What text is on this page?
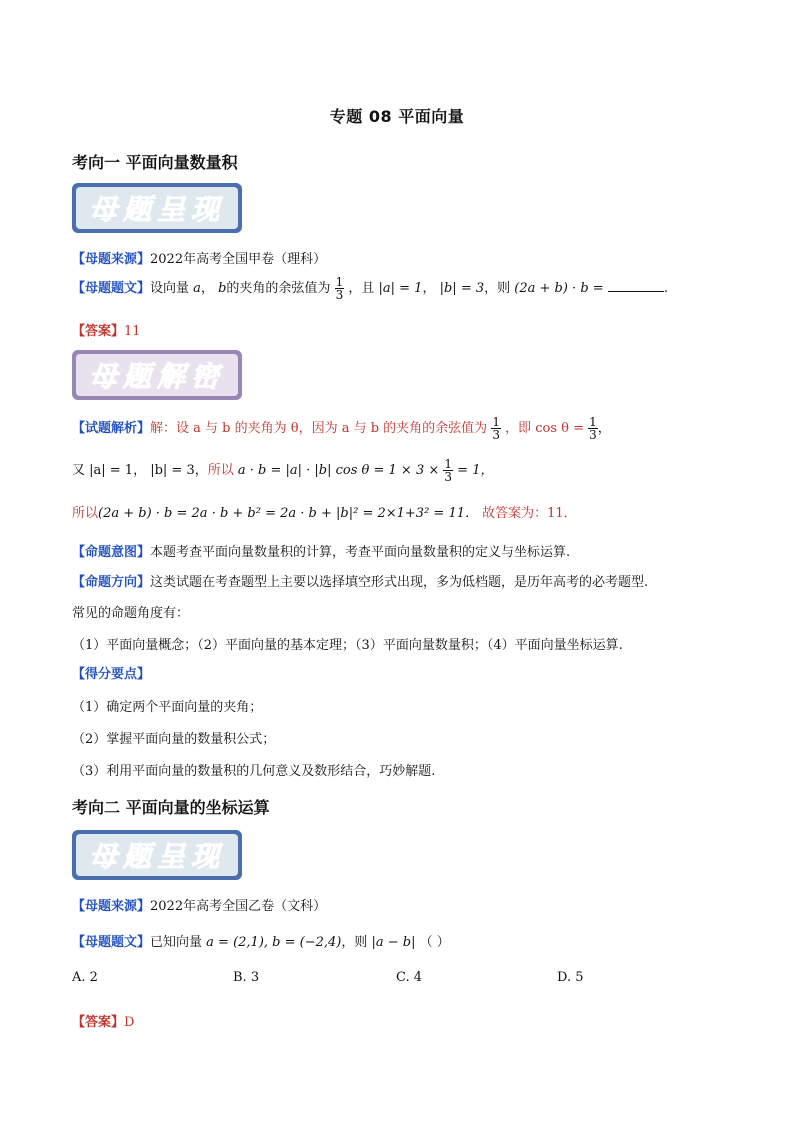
专题 08 平面向量
考向一 平面向量数量积
母题呈现
【母题来源】2022年高考全国甲卷（理科）
【母题题文】设向量 a， b的夹角的余弦值为 $\frac{1}{3}$ ，且 |a| = 1， |b| = 3，则 (2a + b) · b =	.
【答案】11
母题解密
【试题解析】解：设 a 与 b 的夹角为 θ，因为 a 与 b 的夹角的余弦值为 $\frac{1}{3}$ ，即 $\cos \theta = \frac{1}{3}$ ，
又 |a| = 1， |b| = 3，所以 a · b = |a| · |b| $\cos \theta = 1 \times 3 \times \frac{1}{3} = 1$，
所以(2a + b) · b = 2a · b + b² = 2a · b + |b|² = 2×1+3² = 11． 故答案为：11．
【命题意图】本题考查平面向量数量积的计算，考查平面向量数量积的定义与坐标运算.
【命题方向】这类试题在考查题型上主要以选择填空形式出现，多为低档题，是历年高考的必考题型.
常见的命题角度有：
（1）平面向量概念；（2）平面向量的基本定理；（3）平面向量数量积；（4）平面向量坐标运算.
【得分要点】
（1）确定两个平面向量的夹角；
（2）掌握平面向量的数量积公式；
（3）利用平面向量的数量积的几何意义及数形结合，巧妙解题.
考向二 平面向量的坐标运算
母题呈现
【母题来源】2022年高考全国乙卷（文科）
【母题题文】已知向量 a = (2,1), b = (−2,4)，则 |a − b| （ ）
A. 2	B. 3	C. 4	D. 5
【答案】D
